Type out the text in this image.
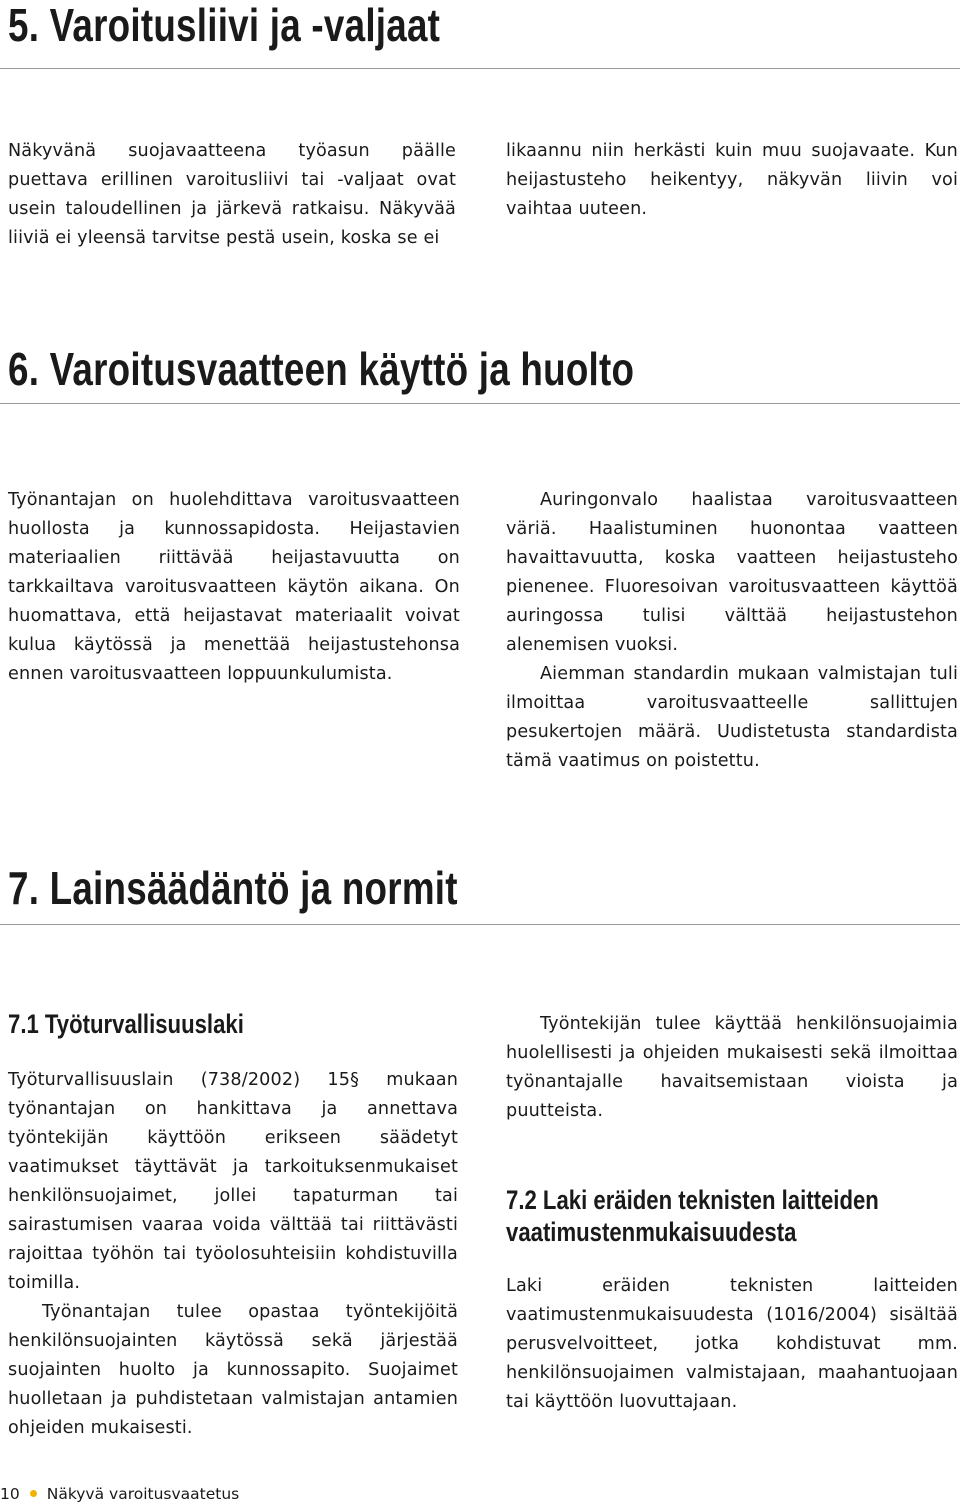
5. Varoitusliivi ja -valjaat

Näkyvänä suojavaatteena työasun päälle puettava erillinen varoitusliivi tai -valjaat ovat usein taloudellinen ja järkevä ratkaisu. Näkyvää liiviä ei yleensä tarvitse pestä usein, koska se ei

likaannu niin herkästi kuin muu suojavaate. Kun heijastusteho heikentyy, näkyvän liivin voi vaihtaa uuteen.

6. Varoitusvaatteen käyttö ja huolto

Työnantajan on huolehdittava varoitusvaatteen huollosta ja kunnossapidosta. Heijastavien materiaalien riittävää heijastavuutta on tarkkailtava varoitusvaatteen käytön aikana. On huomattava, että heijastavat materiaalit voivat kulua käytössä ja menettää heijastustehonsa ennen varoitusvaatteen loppuunkulumista.

Auringonvalo haalistaa varoitusvaatteen väriä. Haalistuminen huonontaa vaatteen havaittavuutta, koska vaatteen heijastusteho pienenee. Fluoresoivan varoitusvaatteen käyttöä auringossa tulisi välttää heijastustehon alenemisen vuoksi.

Aiemman standardin mukaan valmistajan tuli ilmoittaa varoitusvaatteelle sallittujen pesukertojen määrä. Uudistetusta standardista tämä vaatimus on poistettu.

7. Lainsäädäntö ja normit
7.1 Työturvallisuuslaki

Työturvallisuuslain (738/2002) 15§ mukaan työnantajan on hankittava ja annettava työntekijän käyttöön erikseen säädetyt vaatimukset täyttävät ja tarkoituksenmukaiset henkilönsuojaimet, jollei tapaturman tai sairastumisen vaaraa voida välttää tai riittävästi rajoittaa työhön tai työolosuhteisiin kohdistuvilla toimilla.

Työnantajan tulee opastaa työntekijöitä henkilönsuojainten käytössä sekä järjestää suojainten huolto ja kunnossapito. Suojaimet huolletaan ja puhdistetaan valmistajan antamien ohjeiden mukaisesti.

Työntekijän tulee käyttää henkilönsuojaimia huolellisesti ja ohjeiden mukaisesti sekä ilmoittaa työnantajalle havaitsemistaan vioista ja puutteista.

7.2 Laki eräiden teknisten laitteiden
vaatimustenmukaisuudesta

Laki eräiden teknisten laitteiden vaatimustenmukaisuudesta (1016/2004) sisältää perusvelvoitteet, jotka kohdistuvat mm. henkilönsuojaimen valmistajaan, maahantuojaan tai käyttöön luovuttajaan.

10 Näkyvä varoitusvaatetus
